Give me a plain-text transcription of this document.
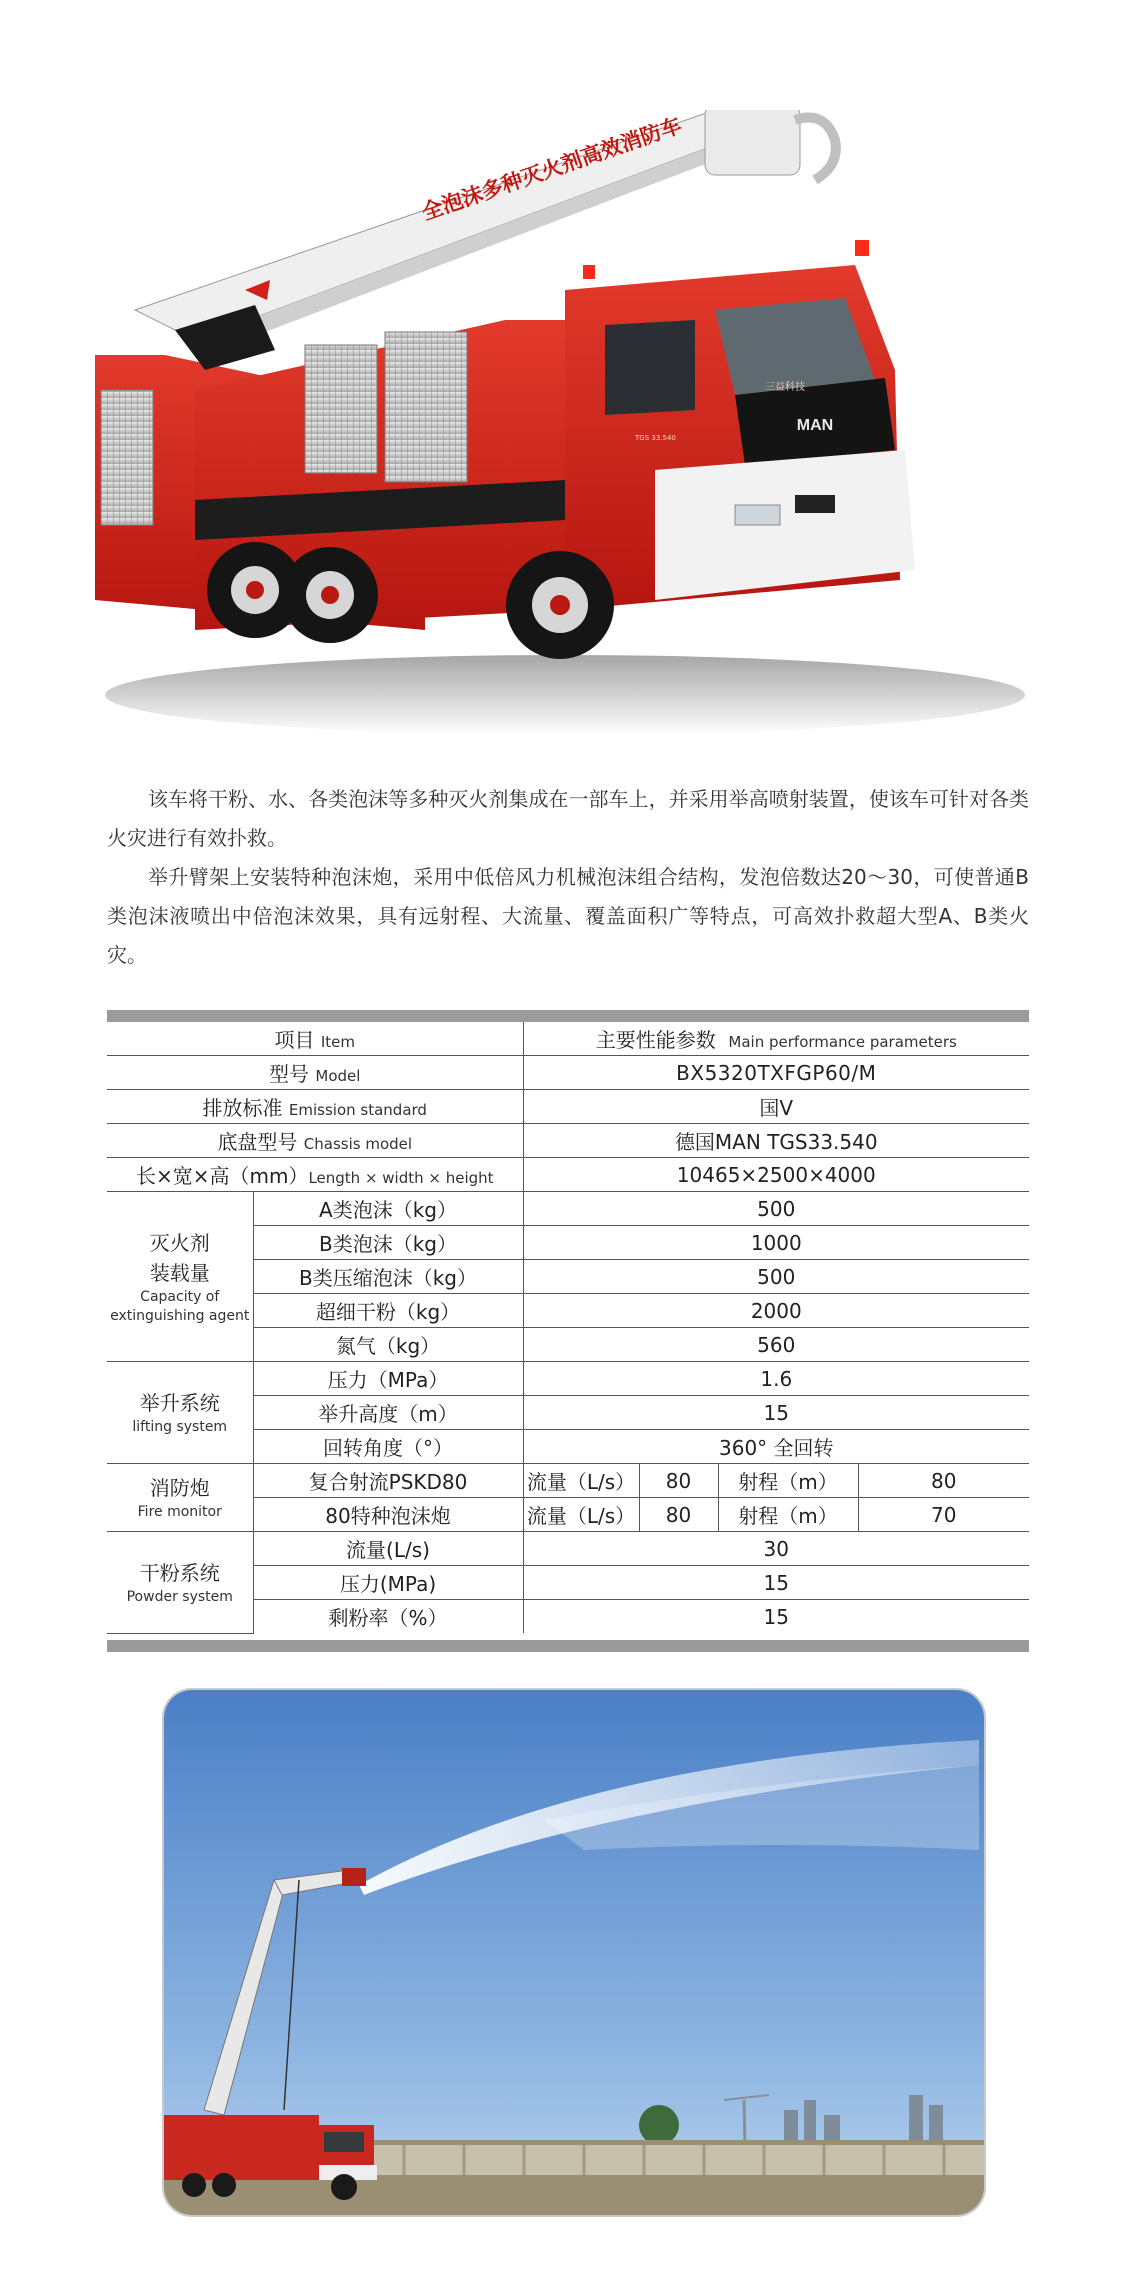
MAN
三益科技
TGS 33.540
全泡沫多种灭火剂高效消防车

该车将干粉、水、各类泡沫等多种灭火剂集成在一部车上，并采用举高喷射装置，使该车可针对各类火灾进行有效扑救。

举升臂架上安装特种泡沫炮，采用中低倍风力机械泡沫组合结构，发泡倍数达20～30，可使普通B类泡沫液喷出中倍泡沫效果，具有远射程、大流量、覆盖面积广等特点，可高效扑救超大型A、B类火灾。

项目 Item		主要性能参数 Main performance parameters			
型号 Model		BX5320TXFGP60/M			
排放标准 Emission standard		国V			
底盘型号 Chassis model		德国MAN TGS33.540			
长×宽×高（mm）Length × width × height		10465×2500×4000			
灭火剂
装载量
Capacity of
extinguishing agent	A类泡沫（kg）	500			
	B类泡沫（kg）	1000			
	B类压缩泡沫（kg）	500			
	超细干粉（kg）	2000			
	氮气（kg）	560			
举升系统
lifting system	压力（MPa）	1.6			
	举升高度（m）	15			
	回转角度（°）	360° 全回转			
消防炮
Fire monitor	复合射流PSKD80	流量（L/s）	80	射程（m）	80
	80特种泡沫炮	流量（L/s）	80	射程（m）	70
干粉系统
Powder system	流量(L/s)	30			
	压力(MPa)	15			
	剩粉率（%）	15			
